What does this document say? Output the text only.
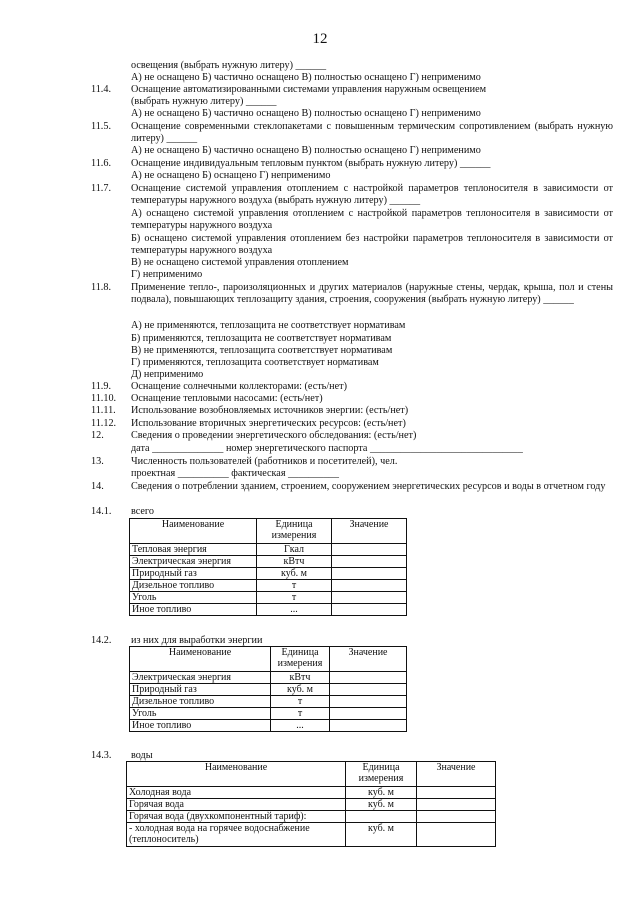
12
освещения (выбрать нужную литеру) ______
А) не оснащено Б) частично оснащено В) полностью оснащено Г) неприменимо
11.4. Оснащение автоматизированными системами управления наружным освещением
(выбрать нужную литеру) ______
А) не оснащено Б) частично оснащено В) полностью оснащено Г) неприменимо
11.5. Оснащение современными стеклопакетами с повышенным термическим сопротивлением (выбрать нужную литеру) ______
А) не оснащено Б) частично оснащено В) полностью оснащено Г) неприменимо
11.6. Оснащение индивидуальным тепловым пунктом (выбрать нужную литеру) ______
А) не оснащено Б) оснащено Г) неприменимо
11.7. Оснащение системой управления отоплением с настройкой параметров теплоносителя в зависимости от температуры наружного воздуха (выбрать нужную литеру) ______
А) оснащено системой управления отоплением с настройкой параметров теплоносителя в зависимости от температуры наружного воздуха
Б) оснащено системой управления отоплением без настройки параметров теплоносителя в зависимости от температуры наружного воздуха
В) не оснащено системой управления отоплением
Г) неприменимо
11.8. Применение тепло-, пароизоляционных и других материалов (наружные стены, чердак, крыша, пол и стены подвала), повышающих теплозащиту здания, строения, сооружения (выбрать нужную литеру) ______
А) не применяются, теплозащита не соответствует нормативам
Б) применяются, теплозащита не соответствует нормативам
В) не применяются, теплозащита соответствует нормативам
Г) применяются, теплозащита соответствует нормативам
Д) неприменимо
11.9. Оснащение солнечными коллекторами: (есть/нет)
11.10. Оснащение тепловыми насосами: (есть/нет)
11.11. Использование возобновляемых источников энергии: (есть/нет)
11.12. Использование вторичных энергетических ресурсов: (есть/нет)
12.	Сведения о проведении энергетического обследования: (есть/нет)
дата ______________ номер энергетического паспорта ______________________________
13.	Численность пользователей (работников и посетителей), чел.
проектная __________ фактическая __________
14.	Сведения о потреблении зданием, строением, сооружением энергетических ресурсов и воды в отчетном году
14.1. всего
Наименование	Единица измерения	Значение
Тепловая энергия	Гкал	
Электрическая энергия	кВтч	
Природный газ	куб. м	
Дизельное топливо	т	
Уголь	т	
Иное топливо	...	
14.2. из них для выработки энергии
Наименование	Единица измерения	Значение
Электрическая энергия	кВтч	
Природный газ	куб. м	
Дизельное топливо	т	
Уголь	т	
Иное топливо	...	
14.3. воды
Наименование	Единица измерения	Значение
Холодная вода	куб. м	
Горячая вода	куб. м	
Горячая вода (двухкомпонентный тариф):		
- холодная вода на горячее водоснабжение (теплоноситель)	куб. м	
